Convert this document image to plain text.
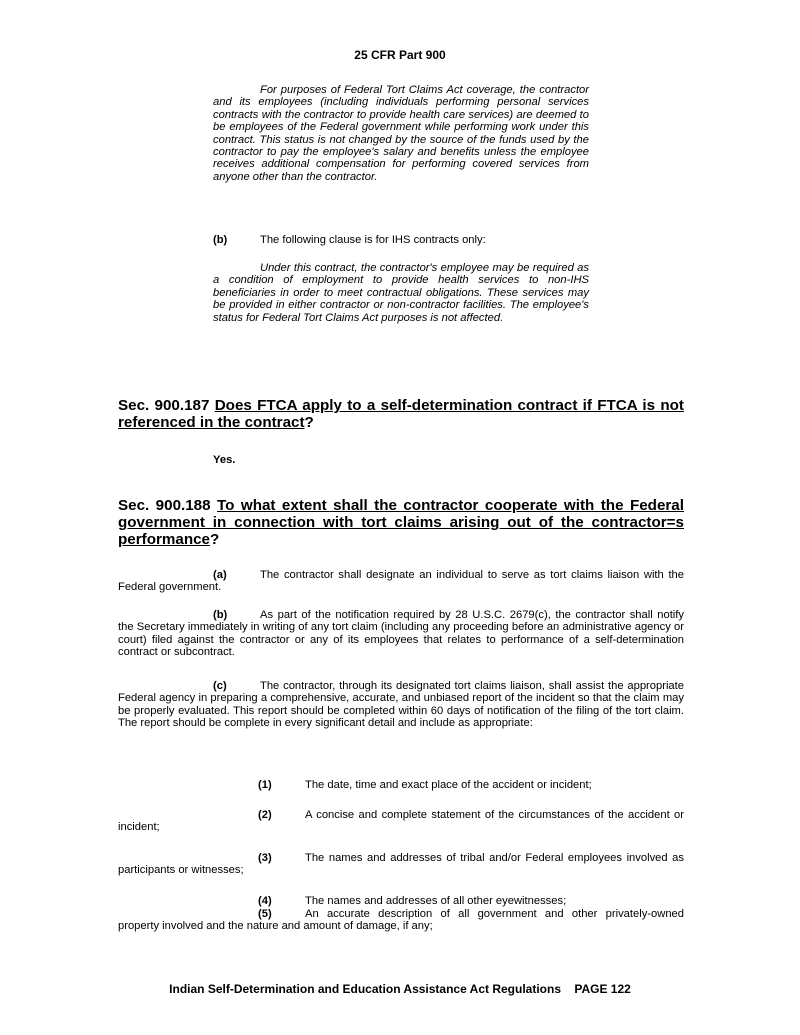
25 CFR Part 900
For purposes of Federal Tort Claims Act coverage, the contractor and its employees (including individuals performing personal services contracts with the contractor to provide health care services) are deemed to be employees of the Federal government while performing work under this contract. This status is not changed by the source of the funds used by the contractor to pay the employee's salary and benefits unless the employee receives additional compensation for performing covered services from anyone other than the contractor.
(b)	The following clause is for IHS contracts only:
Under this contract, the contractor's employee may be required as a condition of employment to provide health services to non-IHS beneficiaries in order to meet contractual obligations. These services may be provided in either contractor or non-contractor facilities. The employee's status for Federal Tort Claims Act purposes is not affected.
Sec. 900.187 Does FTCA apply to a self-determination contract if FTCA is not referenced in the contract?
Yes.
Sec. 900.188 To what extent shall the contractor cooperate with the Federal government in connection with tort claims arising out of the contractor=s performance?
(a)	The contractor shall designate an individual to serve as tort claims liaison with the Federal government.
(b)	As part of the notification required by 28 U.S.C. 2679(c), the contractor shall notify the Secretary immediately in writing of any tort claim (including any proceeding before an administrative agency or court) filed against the contractor or any of its employees that relates to performance of a self-determination contract or subcontract.
(c)	The contractor, through its designated tort claims liaison, shall assist the appropriate Federal agency in preparing a comprehensive, accurate, and unbiased report of the incident so that the claim may be properly evaluated. This report should be completed within 60 days of notification of the filing of the tort claim. The report should be complete in every significant detail and include as appropriate:
(1)	The date, time and exact place of the accident or incident;
(2)	A concise and complete statement of the circumstances of the accident or incident;
(3)	The names and addresses of tribal and/or Federal employees involved as participants or witnesses;
(4)	The names and addresses of all other eyewitnesses;
(5)	An accurate description of all government and other privately-owned property involved and the nature and amount of damage, if any;
Indian Self-Determination and Education Assistance Act Regulations    PAGE 122
